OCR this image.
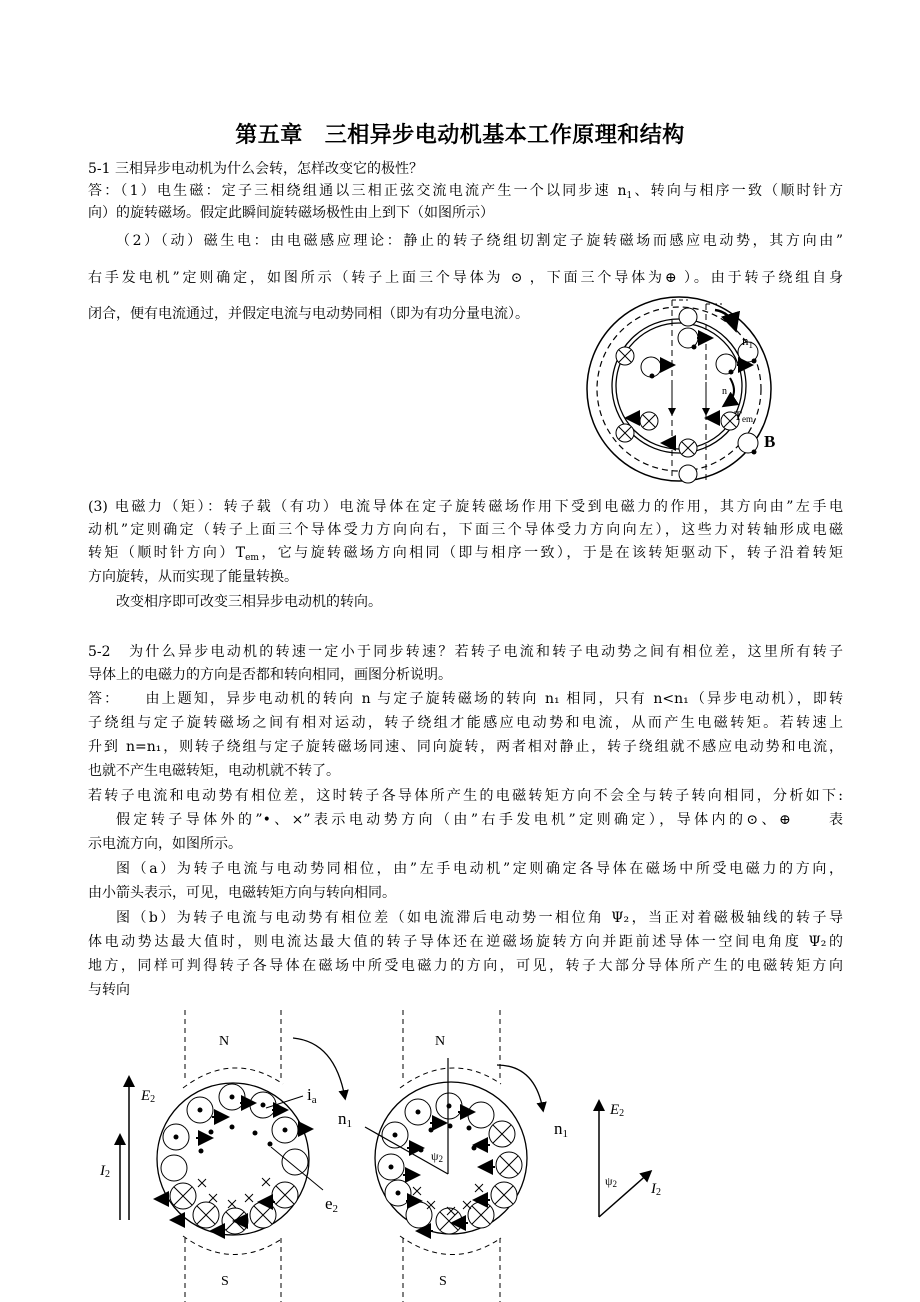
第五章 三相异步电动机基本工作原理和结构
5-1 三相异步电动机为什么会转，怎样改变它的极性？
答：（1）电生磁：定子三相绕组通以三相正弦交流电流产生一个以同步速 $n_1$、转向与相序一致（顺时针方
向）的旋转磁场。假定此瞬间旋转磁场极性由上到下（如图所示）
（2）（动）磁生电：由电磁感应理论：静止的转子绕组切割定子旋转磁场而感应电动势，其方向由”
右手发电机”定则确定，如图所示（转子上面三个导体为 ⊙ ，下面三个导体为⊕ ）。由于转子绕组自身
闭合，便有电流通过，并假定电流与电动势同相（即为有功分量电流）。
$n_1$
n
Tem
B
(3) 电磁力（矩）：转子载（有功）电流导体在定子旋转磁场作用下受到电磁力的作用，其方向由”左手电
动机”定则确定（转子上面三个导体受力方向向右，下面三个导体受力方向向左），这些力对转轴形成电磁
转矩（顺时针方向）$T_{em}$，它与旋转磁场方向相同（即与相序一致），于是在该转矩驱动下，转子沿着转矩
方向旋转，从而实现了能量转换。
改变相序即可改变三相异步电动机的转向。
5-2　为什么异步电动机的转速一定小于同步转速？若转子电流和转子电动势之间有相位差，这里所有转子
导体上的电磁力的方向是否都和转向相同，画图分析说明。
答：　　由上题知，异步电动机的转向 n 与定子旋转磁场的转向 n₁ 相同，只有 n<n₁（异步电动机），即转
子绕组与定子旋转磁场之间有相对运动，转子绕组才能感应电动势和电流，从而产生电磁转矩。若转速上
升到 n=n₁，则转子绕组与定子旋转磁场同速、同向旋转，两者相对静止，转子绕组就不感应电动势和电流，
也就不产生电磁转矩，电动机就不转了。
若转子电流和电动势有相位差，这时转子各导体所产生的电磁转矩方向不会全与转子转向相同，分析如下:
假定转子导体外的”•、×”表示电动势方向（由”右手发电机”定则确定），导体内的⊙、⊕　　表
示电流方向，如图所示。
图（a）为转子电流与电动势同相位，由”左手电动机”定则确定各导体在磁场中所受电磁力的方向，
由小箭头表示，可见，电磁转矩方向与转向相同。
图（b）为转子电流与电动势有相位差（如电流滞后电动势一相位角 Ψ₂，当正对着磁极轴线的转子导
体电动势达最大值时，则电流达最大值的转子导体还在逆磁场旋转方向并距前述导体一空间电角度 Ψ₂的
地方，同样可判得转子各导体在磁场中所受电磁力的方向，可见，转子大部分导体所产生的电磁转矩方向
与转向
E2
I2
N
S
ia
e2
n1
N
S
ψ2
n1
E2
I2
ψ2
